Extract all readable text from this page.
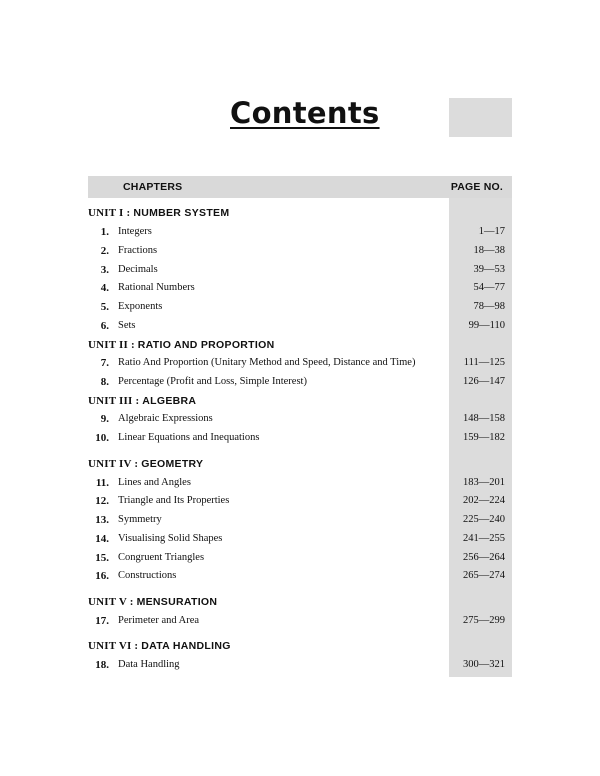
Contents
CHAPTERS	PAGE NO.
UNIT I : NUMBER SYSTEM
1. Integers	1—17
2. Fractions	18—38
3. Decimals	39—53
4. Rational Numbers	54—77
5. Exponents	78—98
6. Sets	99—110
UNIT II : RATIO AND PROPORTION
7. Ratio And Proportion (Unitary Method and Speed, Distance and Time)	111—125
8. Percentage (Profit and Loss, Simple Interest)	126—147
UNIT III : ALGEBRA
9. Algebraic Expressions	148—158
10. Linear Equations and Inequations	159—182
UNIT IV : GEOMETRY
11. Lines and Angles	183—201
12. Triangle and Its Properties	202—224
13. Symmetry	225—240
14. Visualising Solid Shapes	241—255
15. Congruent Triangles	256—264
16. Constructions	265—274
UNIT V : MENSURATION
17. Perimeter and Area	275—299
UNIT VI : DATA HANDLING
18. Data Handling	300—321
